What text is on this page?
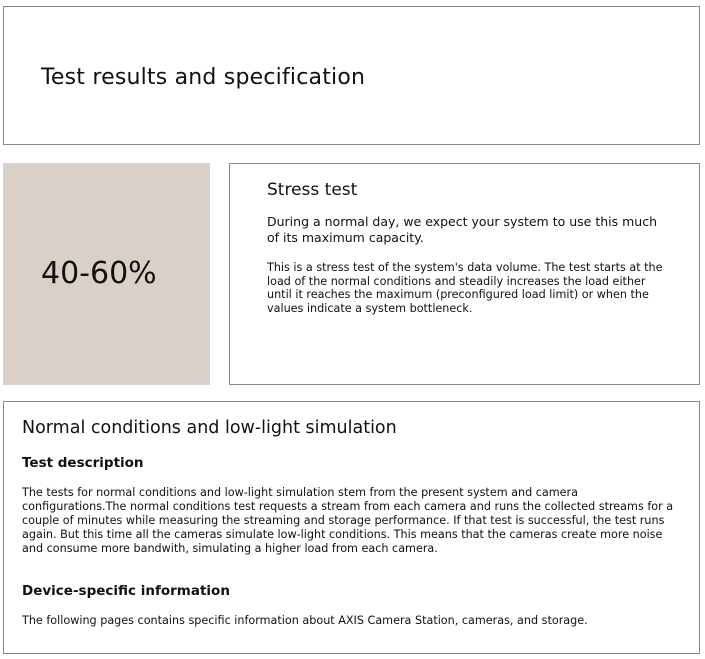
Test results and specification
40-60%
Stress test

During a normal day, we expect your system to use this much of its maximum capacity.

This is a stress test of the system's data volume. The test starts at the load of the normal conditions and steadily increases the load either until it reaches the maximum (preconfigured load limit) or when the values indicate a system bottleneck.

Normal conditions and low-light simulation
Test description

The tests for normal conditions and low-light simulation stem from the present system and camera configurations.The normal conditions test requests a stream from each camera and runs the collected streams for a couple of minutes while measuring the streaming and storage performance. If that test is successful, the test runs again. But this time all the cameras simulate low-light conditions. This means that the cameras create more noise and consume more bandwith, simulating a higher load from each camera.

Device-specific information

The following pages contains specific information about AXIS Camera Station, cameras, and storage.
